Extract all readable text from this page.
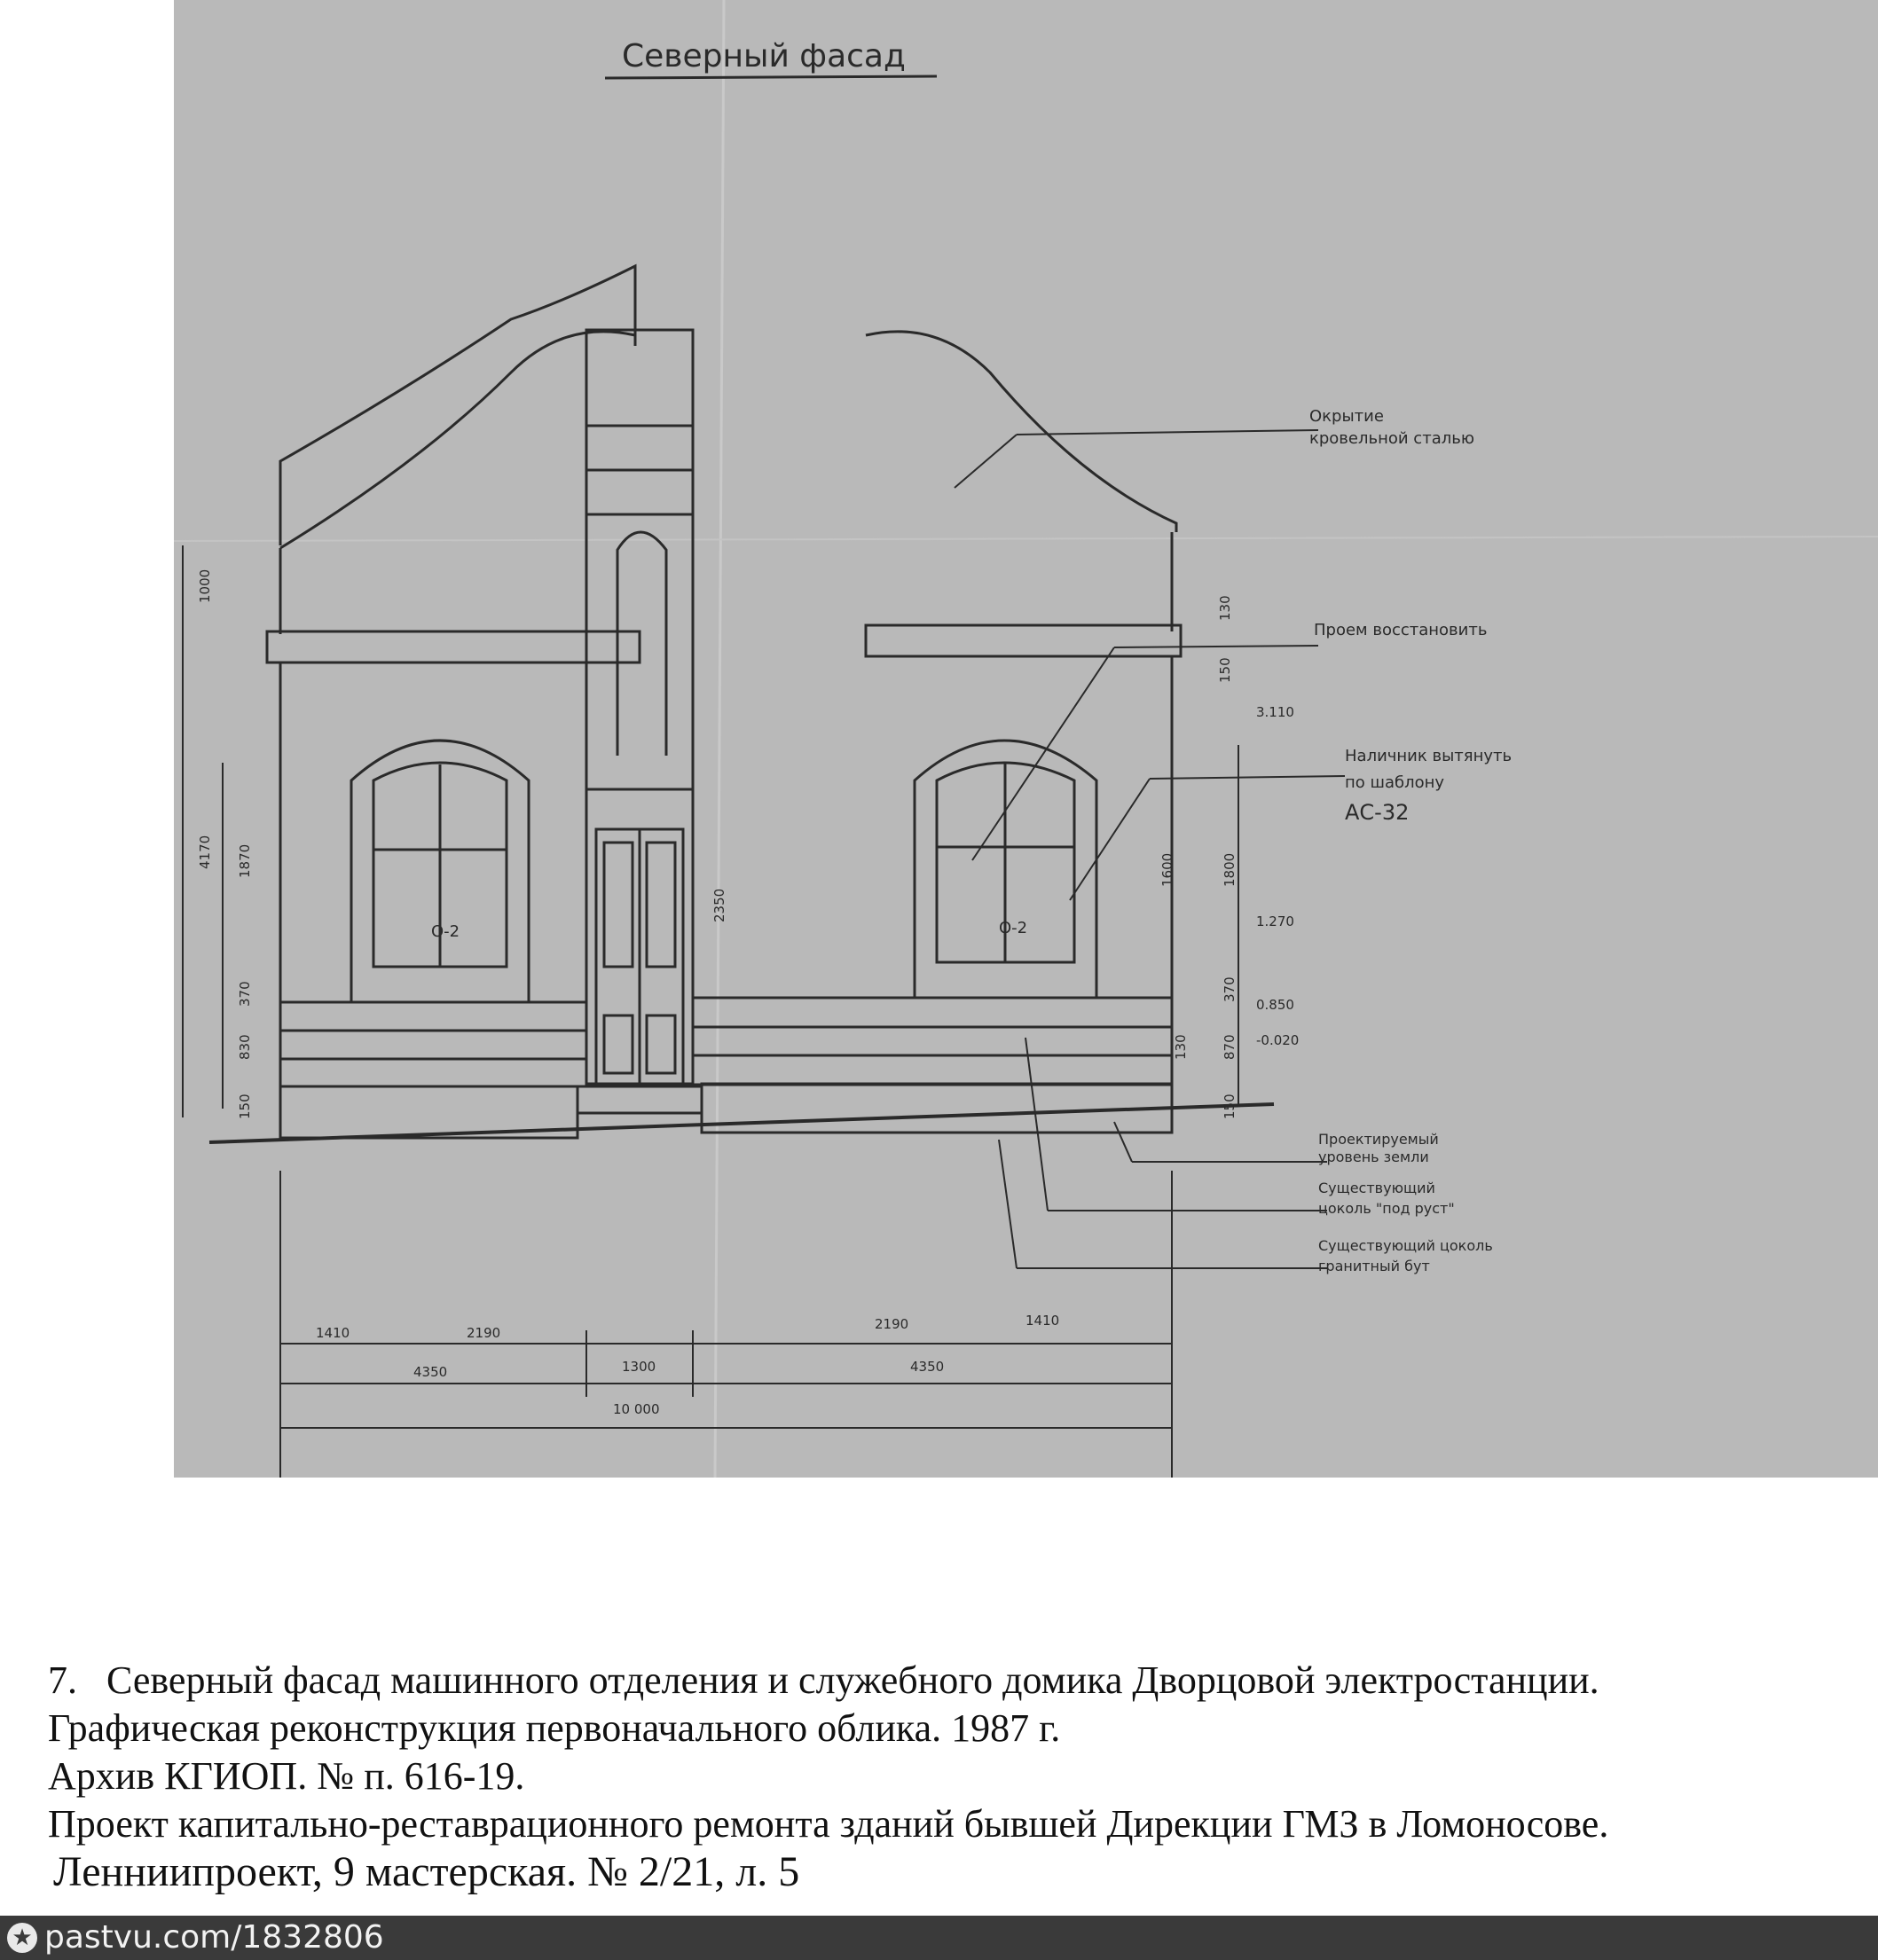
Северный фасад
Окрытие
кровельной сталью
Проем восстановить
Наличник вытянуть
по шаблону
АС-32
Проектируемый
уровень земли
Существующий
цоколь "под руст"
Существующий цоколь
гранитный бут
О-2	О-2
1000
4170 1870
370
830
150
2350
1600	1800
370
870
150
130
150
130
3.110
1.270
0.850
-0.020
1410	2190
2190	1410
4350	1300	4350
10 000
7. Северный фасад машинного отделения и служебного домика Дворцовой электростанции.
Графическая реконструкция первоначального облика. 1987 г.
Архив КГИОП. № п. 616-19.
Проект капитально-реставрационного ремонта зданий бывшей Дирекции ГМЗ в Ломоносове.
Ленниипроект, 9 мастерская. № 2/21, л. 5
★ pastvu.com/1832806
